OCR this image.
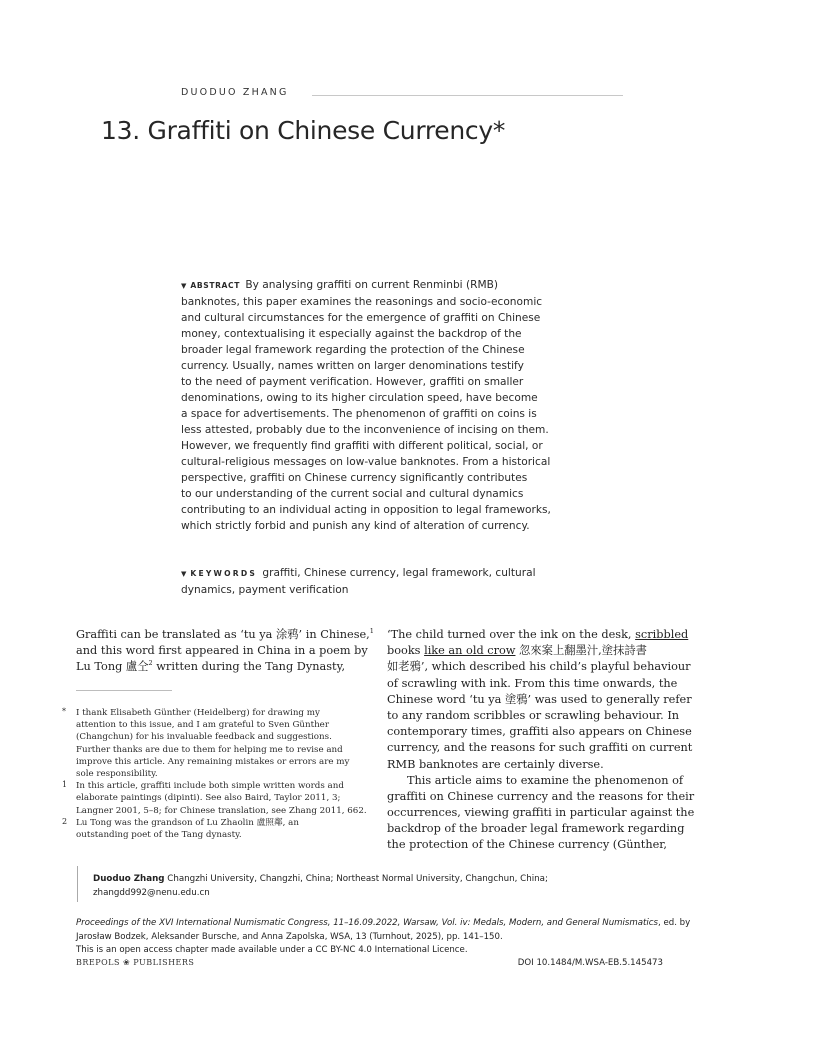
DUODUO ZHANG
13. Graffiti on Chinese Currency*
▼ ABSTRACT By analysing graffiti on current Renminbi (RMB)
banknotes, this paper examines the reasonings and socio-economic
and cultural circumstances for the emergence of graffiti on Chinese
money, contextualising it especially against the backdrop of the
broader legal framework regarding the protection of the Chinese
currency. Usually, names written on larger denominations testify
to the need of payment verification. However, graffiti on smaller
denominations, owing to its higher circulation speed, have become
a space for advertisements. The phenomenon of graffiti on coins is
less attested, probably due to the inconvenience of incising on them.
However, we frequently find graffiti with different political, social, or
cultural-religious messages on low-value banknotes. From a historical
perspective, graffiti on Chinese currency significantly contributes
to our understanding of the current social and cultural dynamics
contributing to an individual acting in opposition to legal frameworks,
which strictly forbid and punish any kind of alteration of currency.
▼ KEYWORDS graffiti, Chinese currency, legal framework, cultural
dynamics, payment verification
Graffiti can be translated as ‘tu ya 涂鸦’ in Chinese,$^1$
and this word first appeared in China in a poem by
Lu Tong 盧仝$^2$ written during the Tang Dynasty,
* I thank Elisabeth Günther (Heidelberg) for drawing my
attention to this issue, and I am grateful to Sven Günther
(Changchun) for his invaluable feedback and suggestions.
Further thanks are due to them for helping me to revise and
improve this article. Any remaining mistakes or errors are my
sole responsibility.
1 In this article, graffiti include both simple written words and
elaborate paintings (dipinti). See also Baird, Taylor 2011, 3;
Langner 2001, 5–8; for Chinese translation, see Zhang 2011, 662.
2 Lu Tong was the grandson of Lu Zhaolin 盧照鄰, an
outstanding poet of the Tang dynasty.
‘The child turned over the ink on the desk, scribbled
books like an old crow 忽來案上翻墨汁,塗抹詩書
如老鴉’, which described his child’s playful behaviour
of scrawling with ink. From this time onwards, the
Chinese word ‘tu ya 塗鴉’ was used to generally refer
to any random scribbles or scrawling behaviour. In
contemporary times, graffiti also appears on Chinese
currency, and the reasons for such graffiti on current
RMB banknotes are certainly diverse.
This article aims to examine the phenomenon of
graffiti on Chinese currency and the reasons for their
occurrences, viewing graffiti in particular against the
backdrop of the broader legal framework regarding
the protection of the Chinese currency (Günther,
Duoduo Zhang Changzhi University, Changzhi, China; Northeast Normal University, Changchun, China;
zhangdd992@nenu.edu.cn
Proceedings of the XVI International Numismatic Congress, 11–16.09.2022, Warsaw, Vol. iv: Medals, Modern, and General Numismatics, ed. by
Jarosław Bodzek, Aleksander Bursche, and Anna Zapolska, WSA, 13 (Turnhout, 2025), pp. 141–150.
This is an open access chapter made available under a CC BY-NC 4.0 International Licence.
BREPOLS ❀ PUBLISHERS	DOI 10.1484/M.WSA-EB.5.145473
